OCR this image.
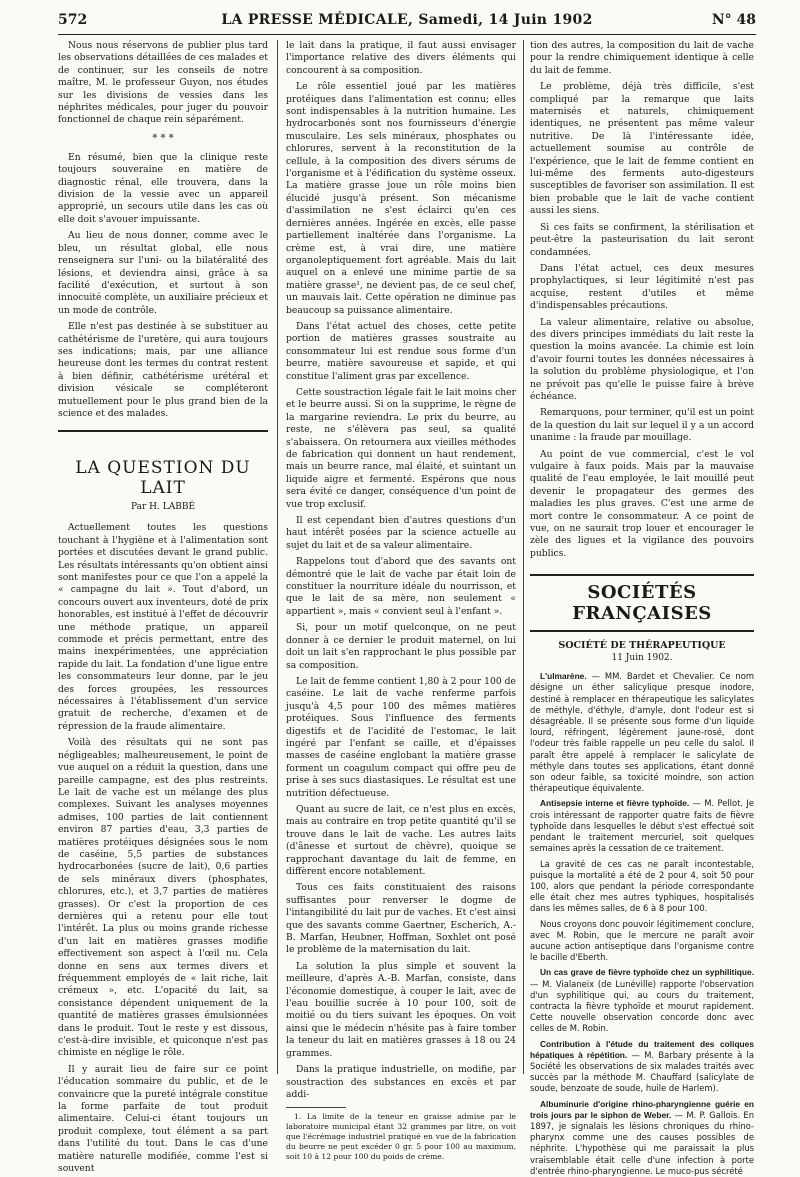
572	LA PRESSE MÉDICALE, Samedi, 14 Juin 1902	N° 48

Nous nous réservons de publier plus tard les observations détaillées de ces malades et de continuer, sur les conseils de notre maître, M. le professeur Guyon, nos études sur les divisions de vessies dans les néphrites médicales, pour juger du pouvoir fonctionnel de chaque rein séparément.

* * *

En résumé, bien que la clinique reste toujours souveraine en matière de diagnostic rénal, elle trouvera, dans la division de la vessie avec un appareil approprié, un secours utile dans les cas où elle doit s'avouer impuissante.

Au lieu de nous donner, comme avec le bleu, un résultat global, elle nous renseignera sur l'uni- ou la bilatéralité des lésions, et deviendra ainsi, grâce à sa facilité d'exécution, et surtout à son innocuité complète, un auxiliaire précieux et un mode de contrôle.

Elle n'est pas destinée à se substituer au cathétérisme de l'uretère, qui aura toujours ses indications; mais, par une alliance heureuse dont les termes du contrat restent à bien définir, cathétérisme urétéral et division vésicale se compléteront mutuellement pour le plus grand bien de la science et des malades.

LA QUESTION DU LAIT
Par H. LABBÉ

Actuellement toutes les questions touchant à l'hygiène et à l'alimentation sont portées et discutées devant le grand public. Les résultats intéressants qu'on obtient ainsi sont manifestes pour ce que l'on a appelé la « campagne du lait ». Tout d'abord, un concours ouvert aux inventeurs, doté de prix honorables, est institué à l'effet de découvrir une méthode pratique, un appareil commode et précis permettant, entre des mains inexpérimentées, une appréciation rapide du lait. La fondation d'une ligue entre les consommateurs leur donne, par le jeu des forces groupées, les ressources nécessaires à l'établissement d'un service gratuit de recherche, d'examen et de répression de la fraude alimentaire.

Voilà des résultats qui ne sont pas négligeables; malheureusement, le point de vue auquel on a réduit la question, dans une pareille campagne, est des plus restreints. Le lait de vache est un mélange des plus complexes. Suivant les analyses moyennes admises, 100 parties de lait contiennent environ 87 parties d'eau, 3,3 parties de matières protéiques désignées sous le nom de caséine, 5,5 parties de substances hydrocarbonées (sucre de lait), 0,6 parties de sels minéraux divers (phosphates, chlorures, etc.), et 3,7 parties de matières grasses). Or c'est la proportion de ces dernières qui a retenu pour elle tout l'intérêt. La plus ou moins grande richesse d'un lait en matières grasses modifie effectivement son aspect à l'œil nu. Cela donne en sens aux termes divers et fréquemment employés de « lait riche, lait crémeux », etc. L'opacité du lait, sa consistance dépendent uniquement de la quantité de matières grasses émulsionnées dans le produit. Tout le reste y est dissous, c'est-à-dire invisible, et quiconque n'est pas chimiste en néglige le rôle.

Il y aurait lieu de faire sur ce point l'éducation sommaire du public, et de le convaincre que la pureté intégrale constitue la forme parfaite de tout produit alimentaire. Celui-ci étant toujours un produit complexe, tout élément a sa part dans l'utilité du tout. Dans le cas d'une matière naturelle modifiée, comme l'est si souvent

le lait dans la pratique, il faut aussi envisager l'importance relative des divers éléments qui concourent à sa composition.

Le rôle essentiel joué par les matières protéiques dans l'alimentation est connu; elles sont indispensables à la nutrition humaine. Les hydrocarbonés sont nos fournisseurs d'énergie musculaire. Les sels minéraux, phosphates ou chlorures, servent à la reconstitution de la cellule, à la composition des divers sérums de l'organisme et à l'édification du système osseux. La matière grasse joue un rôle moins bien élucidé jusqu'à présent. Son mécanisme d'assimilation ne s'est éclairci qu'en ces dernières années. Ingérée en excès, elle passe partiellement inaltérée dans l'organisme. La crème est, à vrai dire, une matière organoleptiquement fort agréable. Mais du lait auquel on a enlevé une minime partie de sa matière grasse¹, ne devient pas, de ce seul chef, un mauvais lait. Cette opération ne diminue pas beaucoup sa puissance alimentaire.

Dans l'état actuel des choses, cette petite portion de matières grasses soustraite au consommateur lui est rendue sous forme d'un beurre, matière savoureuse et sapide, et qui constitue l'aliment gras par excellence.

Cette soustraction légale fait le lait moins cher et le beurre aussi. Si on la supprime, le règne de la margarine reviendra. Le prix du beurre, au reste, ne s'élèvera pas seul, sa qualité s'abaissera. On retournera aux vieilles méthodes de fabrication qui donnent un haut rendement, mais un beurre rance, mal élaité, et suintant un liquide aigre et fermenté. Espérons que nous sera évité ce danger, conséquence d'un point de vue trop exclusif.

Il est cependant bien d'autres questions d'un haut intérêt posées par la science actuelle au sujet du lait et de sa valeur alimentaire.

Rappelons tout d'abord que des savants ont démontré que le lait de vache par était loin de constituer la nourriture idéale du nourrisson, et que le lait de sa mère, non seulement « appartient », mais « convient seul à l'enfant ».

Si, pour un motif quelconque, on ne peut donner à ce dernier le produit maternel, on lui doit un lait s'en rapprochant le plus possible par sa composition.

Le lait de femme contient 1,80 à 2 pour 100 de caséine. Le lait de vache renferme parfois jusqu'à 4,5 pour 100 des mêmes matières protéiques. Sous l'influence des ferments digestifs et de l'acidité de l'estomac, le lait ingéré par l'enfant se caille, et d'épaisses masses de caséine englobant la matière grasse forment un coagulum compact qui offre peu de prise à ses sucs diastasiques. Le résultat est une nutrition défectueuse.

Quant au sucre de lait, ce n'est plus en excès, mais au contraire en trop petite quantité qu'il se trouve dans le lait de vache. Les autres laits (d'ânesse et surtout de chèvre), quoique se rapprochant davantage du lait de femme, en diffèrent encore notablement.

Tous ces faits constituaient des raisons suffisantes pour renverser le dogme de l'intangibilité du lait pur de vaches. Et c'est ainsi que des savants comme Gaertner, Escherich, A.-B. Marfan, Heubner, Hoffman, Soxhlet ont posé le problème de la maternisation du lait.

La solution la plus simple et souvent la meilleure, d'après A.-B. Marfan, consiste, dans l'économie domestique, à couper le lait, avec de l'eau bouillie sucrée à 10 pour 100, soit de moitié ou du tiers suivant les époques. On voit ainsi que le médecin n'hésite pas à faire tomber la teneur du lait en matières grasses à 18 ou 24 grammes.

Dans la pratique industrielle, on modifie, par soustraction des substances en excès et par addi-

1. La limite de la teneur en graisse admise par le laboratoire municipal étant 32 grammes par litre, on voit que l'écrémage industriel pratiqué en vue de la fabrication du beurre ne peut excéder 0 gr. 5 pour 100 au maximum, soit 10 à 12 pour 100 du poids de crème.

tion des autres, la composition du lait de vache pour la rendre chimiquement identique à celle du lait de femme.

Le problème, déjà très difficile, s'est compliqué par la remarque que laits maternisés et naturels, chimiquement identiques, ne présentent pas même valeur nutritive. De là l'intéressante idée, actuellement soumise au contrôle de l'expérience, que le lait de femme contient en lui-même des ferments auto-digesteurs susceptibles de favoriser son assimilation. Il est bien probable que le lait de vache contient aussi les siens.

Si ces faits se confirment, la stérilisation et peut-être la pasteurisation du lait seront condamnées.

Dans l'état actuel, ces deux mesures prophylactiques, si leur légitimité n'est pas acquise, restent d'utiles et même d'indispensables précautions.

La valeur alimentaire, relative ou absolue, des divers principes immédiats du lait reste la question la moins avancée. La chimie est loin d'avoir fourni toutes les données nécessaires à la solution du problème physiologique, et l'on ne prévoit pas qu'elle le puisse faire à brève échéance.

Remarquons, pour terminer, qu'il est un point de la question du lait sur lequel il y a un accord unanime : la fraude par mouillage.

Au point de vue commercial, c'est le vol vulgaire à faux poids. Mais par la mauvaise qualité de l'eau employée, le lait mouillé peut devenir le propagateur des germes des maladies les plus graves. C'est une arme de mort contre le consommateur. A ce point de vue, on ne saurait trop louer et encourager le zèle des ligues et la vigilance des pouvoirs publics.

SOCIÉTÉS FRANÇAISES
SOCIÉTÉ DE THÉRAPEUTIQUE
11 Juin 1902.

L'ulmarène. — MM. Bardet et Chevalier. Ce nom désigne un éther salicylique presque inodore, destiné à remplacer en thérapeutique les salicylates de méthyle, d'éthyle, d'amyle, dont l'odeur est si désagréable. Il se présente sous forme d'un liquide lourd, réfringent, légèrement jaune-rosé, dont l'odeur très faible rappelle un peu celle du salol. Il paraît être appelé à remplacer le salicylate de méthyle dans toutes ses applications, étant donné son odeur faible, sa toxicité moindre, son action thérapeutique équivalente.

Antisepsie interne et fièvre typhoïde. — M. Pellot. Je crois intéressant de rapporter quatre faits de fièvre typhoïde dans lesquelles le début s'est effectué soit pendant le traitement mercuriel, soit quelques semaines après la cessation de ce traitement.

La gravité de ces cas ne paraît incontestable, puisque la mortalité a été de 2 pour 4, soit 50 pour 100, alors que pendant la période correspondante elle était chez mes autres typhiques, hospitalisés dans les mêmes salles, de 6 à 8 pour 100.

Nous croyons donc pouvoir légitimement conclure, avec M. Robin, que le mercure ne paraît avoir aucune action antiseptique dans l'organisme contre le bacille d'Eberth.

Un cas grave de fièvre typhoïde chez un syphilitique. — M. Vialaneix (de Lunéville) rapporte l'observation d'un syphilitique qui, au cours du traitement, contracta la fièvre typhoïde et mourut rapidement. Cette nouvelle observation concorde donc avec celles de M. Robin.

Contribution à l'étude du traitement des coliques hépatiques à répétition. — M. Barbary présente à la Société les observations de six malades traités avec succès par la méthode M. Chauffard (salicylate de soude, benzoate de soude, huile de Harlem).

Albuminurie d'origine rhino-pharyngienne guérie en trois jours par le siphon de Weber. — M. P. Gallois. En 1897, je signalais les lésions chroniques du rhino-pharynx comme une des causes possibles de néphrite. L'hypothèse qui me paraissait la plus vraisemblable était celle d'une infection à porte d'entrée rhino-pharyngienne. Le muco-pus sécrété
